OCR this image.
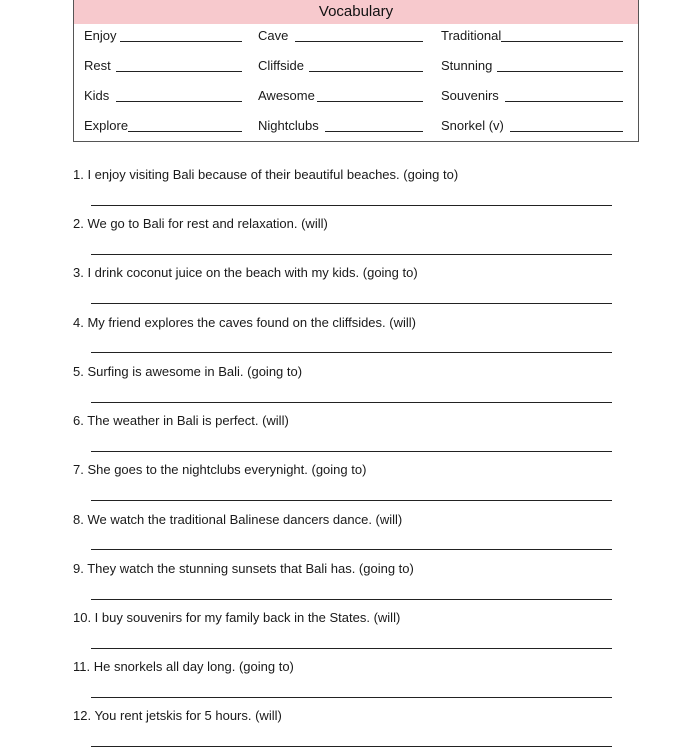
Vocabulary
Enjoy	Cave	Traditional
Rest	Cliffside	Stunning
Kids	Awesome	Souvenirs
Explore	Nightclubs	Snorkel (v)
1. I enjoy visiting Bali because of their beautiful beaches. (going to)
2. We go to Bali for rest and relaxation. (will)
3. I drink coconut juice on the beach with my kids. (going to)
4. My friend explores the caves found on the cliffsides. (will)
5. Surfing is awesome in Bali. (going to)
6. The weather in Bali is perfect. (will)
7. She goes to the nightclubs everynight. (going to)
8. We watch the traditional Balinese dancers dance. (will)
9. They watch the stunning sunsets that Bali has. (going to)
10. I buy souvenirs for my family back in the States. (will)
11. He snorkels all day long. (going to)
12. You rent jetskis for 5 hours. (will)
